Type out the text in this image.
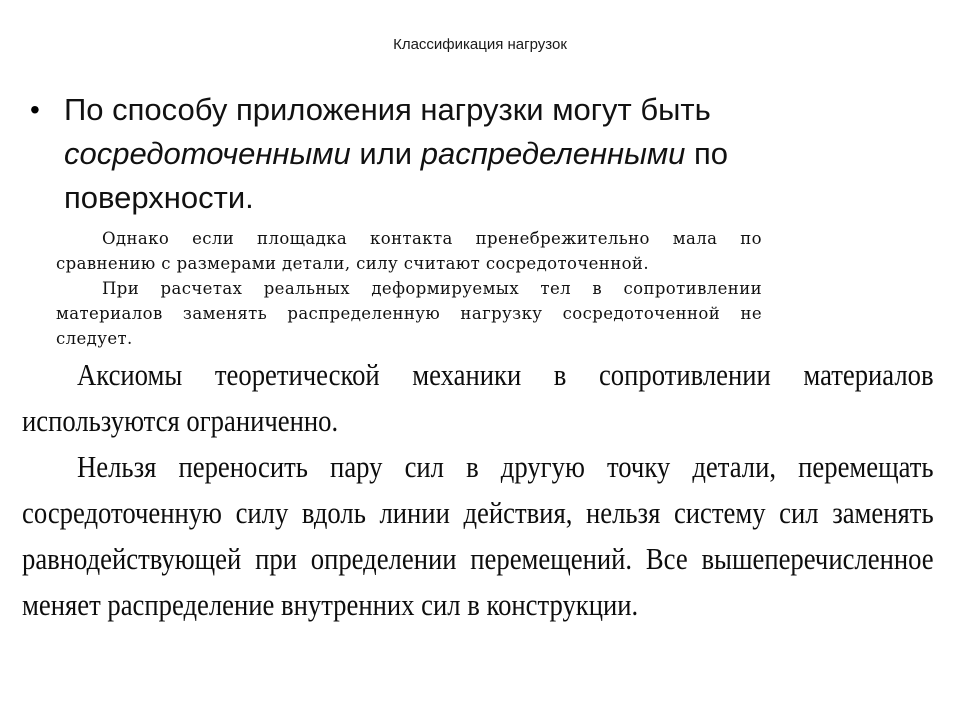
Классификация нагрузок
• По способу приложения нагрузки могут быть сосредоточенными или распределенными по поверхности.

Однако если площадка контакта пренебрежительно мала по сравнению с размерами детали, силу считают сосредоточенной.

При расчетах реальных деформируемых тел в сопротивлении материалов заменять распределенную нагрузку сосредоточенной не следует.

Аксиомы теоретической механики в сопротивлении материалов используются ограниченно.

Нельзя переносить пару сил в другую точку детали, перемещать сосредоточенную силу вдоль линии действия, нельзя систему сил заменять равнодействующей при определении перемещений. Все вышеперечисленное меняет распределение внутренних сил в конструкции.
